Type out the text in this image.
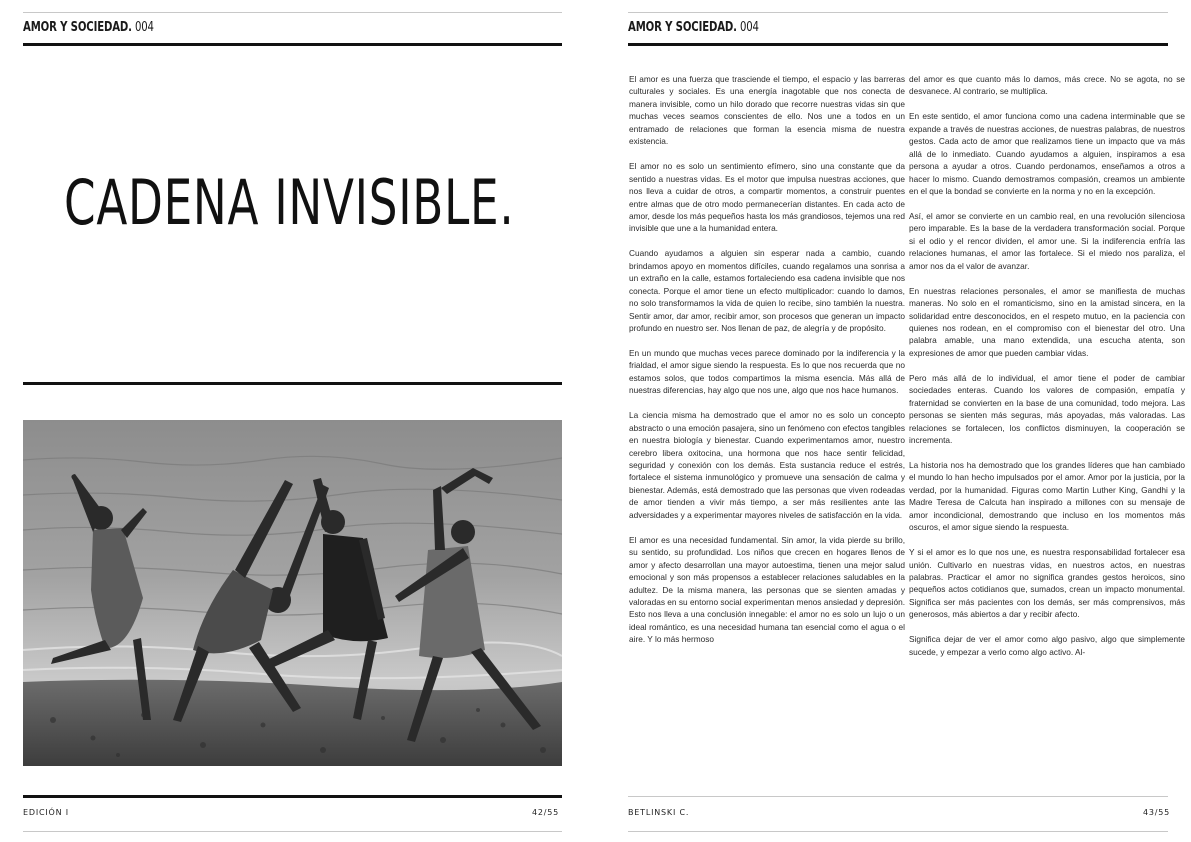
AMOR Y SOCIEDAD. 004
CADENA INVISIBLE.
EDICIÓN I	42/55
AMOR Y SOCIEDAD. 004

El amor es una fuerza que trasciende el tiempo, el espacio y las barreras culturales y sociales. Es una energía inagotable que nos conecta de manera invisible, como un hilo dorado que recorre nuestras vidas sin que muchas veces seamos conscientes de ello. Nos une a todos en un entramado de relaciones que forman la esencia misma de nuestra existencia.

El amor no es solo un sentimiento efímero, sino una constante que da sentido a nuestras vidas. Es el motor que impulsa nuestras acciones, que nos lleva a cuidar de otros, a compartir momentos, a construir puentes entre almas que de otro modo permanecerían distantes. En cada acto de amor, desde los más pequeños hasta los más grandiosos, tejemos una red invisible que une a la humanidad entera.

Cuando ayudamos a alguien sin esperar nada a cambio, cuando brindamos apoyo en momentos difíciles, cuando regalamos una sonrisa a un extraño en la calle, estamos fortaleciendo esa cadena invisible que nos conecta. Porque el amor tiene un efecto multiplicador: cuando lo damos, no solo transformamos la vida de quien lo recibe, sino también la nuestra. Sentir amor, dar amor, recibir amor, son procesos que generan un impacto profundo en nuestro ser. Nos llenan de paz, de alegría y de propósito.

En un mundo que muchas veces parece dominado por la indiferencia y la frialdad, el amor sigue siendo la respuesta. Es lo que nos recuerda que no estamos solos, que todos compartimos la misma esencia. Más allá de nuestras diferencias, hay algo que nos une, algo que nos hace humanos.

La ciencia misma ha demostrado que el amor no es solo un concepto abstracto o una emoción pasajera, sino un fenómeno con efectos tangibles en nuestra biología y bienestar. Cuando experimentamos amor, nuestro cerebro libera oxitocina, una hormona que nos hace sentir felicidad, seguridad y conexión con los demás. Esta sustancia reduce el estrés, fortalece el sistema inmunológico y promueve una sensación de calma y bienestar. Además, está demostrado que las personas que viven rodeadas de amor tienden a vivir más tiempo, a ser más resilientes ante las adversidades y a experimentar mayores niveles de satisfacción en la vida.

El amor es una necesidad fundamental. Sin amor, la vida pierde su brillo, su sentido, su profundidad. Los niños que crecen en hogares llenos de amor y afecto desarrollan una mayor autoestima, tienen una mejor salud emocional y son más propensos a establecer relaciones saludables en la adultez. De la misma manera, las personas que se sienten amadas y valoradas en su entorno social experimentan menos ansiedad y depresión. Esto nos lleva a una conclusión innegable: el amor no es solo un lujo o un ideal romántico, es una necesidad humana tan esencial como el agua o el aire. Y lo más hermoso

del amor es que cuanto más lo damos, más crece. No se agota, no se desvanece. Al contrario, se multiplica.

En este sentido, el amor funciona como una cadena interminable que se expande a través de nuestras acciones, de nuestras palabras, de nuestros gestos. Cada acto de amor que realizamos tiene un impacto que va más allá de lo inmediato. Cuando ayudamos a alguien, inspiramos a esa persona a ayudar a otros. Cuando perdonamos, enseñamos a otros a hacer lo mismo. Cuando demostramos compasión, creamos un ambiente en el que la bondad se convierte en la norma y no en la excepción.

Así, el amor se convierte en un cambio real, en una revolución silenciosa pero imparable. Es la base de la verdadera transformación social. Porque si el odio y el rencor dividen, el amor une. Si la indiferencia enfría las relaciones humanas, el amor las fortalece. Si el miedo nos paraliza, el amor nos da el valor de avanzar.

En nuestras relaciones personales, el amor se manifiesta de muchas maneras. No solo en el romanticismo, sino en la amistad sincera, en la solidaridad entre desconocidos, en el respeto mutuo, en la paciencia con quienes nos rodean, en el compromiso con el bienestar del otro. Una palabra amable, una mano extendida, una escucha atenta, son expresiones de amor que pueden cambiar vidas.

Pero más allá de lo individual, el amor tiene el poder de cambiar sociedades enteras. Cuando los valores de compasión, empatía y fraternidad se convierten en la base de una comunidad, todo mejora. Las personas se sienten más seguras, más apoyadas, más valoradas. Las relaciones se fortalecen, los conflictos disminuyen, la cooperación se incrementa.

La historia nos ha demostrado que los grandes líderes que han cambiado el mundo lo han hecho impulsados por el amor. Amor por la justicia, por la verdad, por la humanidad. Figuras como Martin Luther King, Gandhi y la Madre Teresa de Calcuta han inspirado a millones con su mensaje de amor incondicional, demostrando que incluso en los momentos más oscuros, el amor sigue siendo la respuesta.

Y si el amor es lo que nos une, es nuestra responsabilidad fortalecer esa unión. Cultivarlo en nuestras vidas, en nuestros actos, en nuestras palabras. Practicar el amor no significa grandes gestos heroicos, sino pequeños actos cotidianos que, sumados, crean un impacto monumental. Significa ser más pacientes con los demás, ser más comprensivos, más generosos, más abiertos a dar y recibir afecto.

Significa dejar de ver el amor como algo pasivo, algo que simplemente sucede, y empezar a verlo como algo activo. Al-

BETLINSKI C.	43/55
